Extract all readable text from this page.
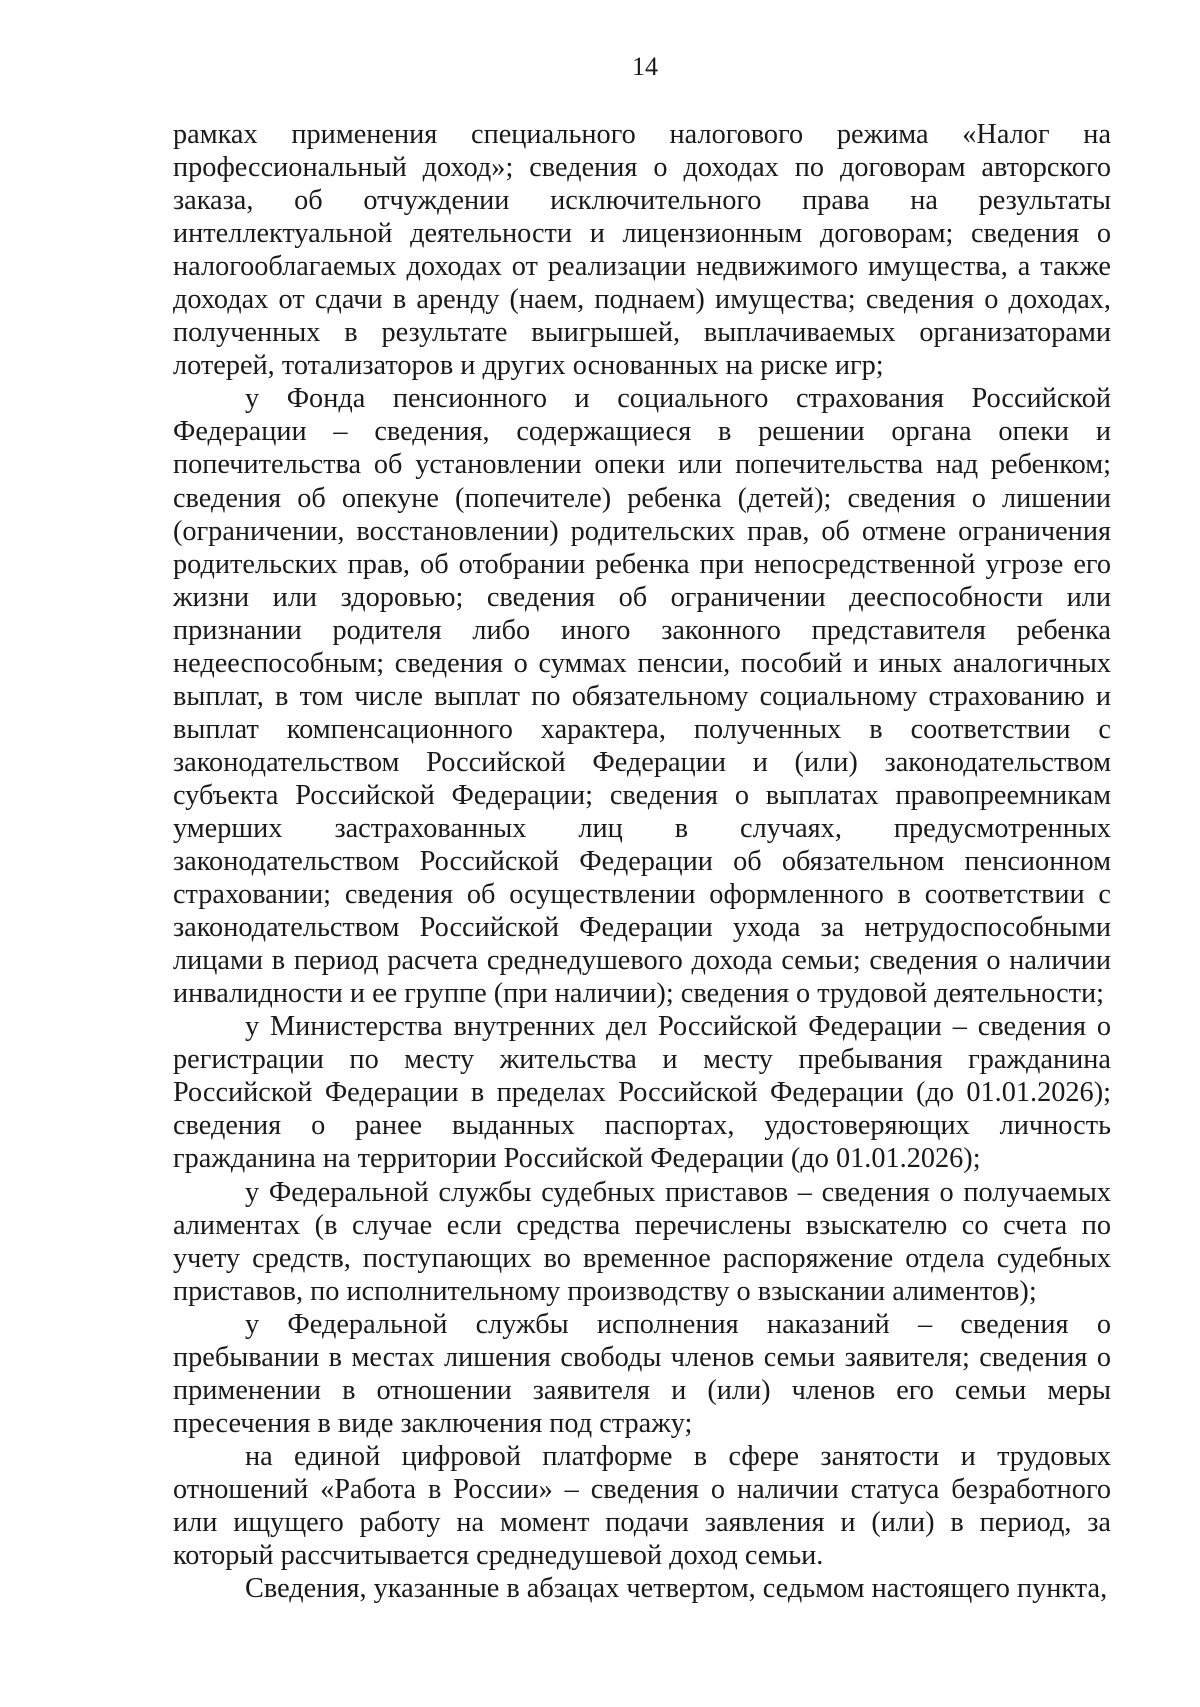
14

рамках применения специального налогового режима «Налог на профессиональный доход»; сведения о доходах по договорам авторского заказа, об отчуждении исключительного права на результаты интеллектуальной деятельности и лицензионным договорам; сведения о налогооблагаемых доходах от реализации недвижимого имущества, а также доходах от сдачи в аренду (наем, поднаем) имущества; сведения о доходах, полученных в результате выигрышей, выплачиваемых организаторами лотерей, тотализаторов и других основанных на риске игр;

у Фонда пенсионного и социального страхования Российской Федерации – сведения, содержащиеся в решении органа опеки и попечительства об установлении опеки или попечительства над ребенком; сведения об опекуне (попечителе) ребенка (детей); сведения о лишении (ограничении, восстановлении) родительских прав, об отмене ограничения родительских прав, об отобрании ребенка при непосредственной угрозе его жизни или здоровью; сведения об ограничении дееспособности или признании родителя либо иного законного представителя ребенка недееспособным; сведения о суммах пенсии, пособий и иных аналогичных выплат, в том числе выплат по обязательному социальному страхованию и выплат компенсационного характера, полученных в соответствии с законодательством Российской Федерации и (или) законодательством субъекта Российской Федерации; сведения о выплатах правопреемникам умерших застрахованных лиц в случаях, предусмотренных законодательством Российской Федерации об обязательном пенсионном страховании; сведения об осуществлении оформленного в соответствии с законодательством Российской Федерации ухода за нетрудоспособными лицами в период расчета среднедушевого дохода семьи; сведения о наличии инвалидности и ее группе (при наличии); сведения о трудовой деятельности;

у Министерства внутренних дел Российской Федерации – сведения о регистрации по месту жительства и месту пребывания гражданина Российской Федерации в пределах Российской Федерации (до 01.01.2026); сведения о ранее выданных паспортах, удостоверяющих личность гражданина на территории Российской Федерации (до 01.01.2026);

у Федеральной службы судебных приставов – сведения о получаемых алиментах (в случае если средства перечислены взыскателю со счета по учету средств, поступающих во временное распоряжение отдела судебных приставов, по исполнительному производству о взыскании алиментов);

у Федеральной службы исполнения наказаний – сведения о пребывании в местах лишения свободы членов семьи заявителя; сведения о применении в отношении заявителя и (или) членов его семьи меры пресечения в виде заключения под стражу;

на единой цифровой платформе в сфере занятости и трудовых отношений «Работа в России» – сведения о наличии статуса безработного или ищущего работу на момент подачи заявления и (или) в период, за который рассчитывается среднедушевой доход семьи.

Сведения, указанные в абзацах четвертом, седьмом настоящего пункта,
